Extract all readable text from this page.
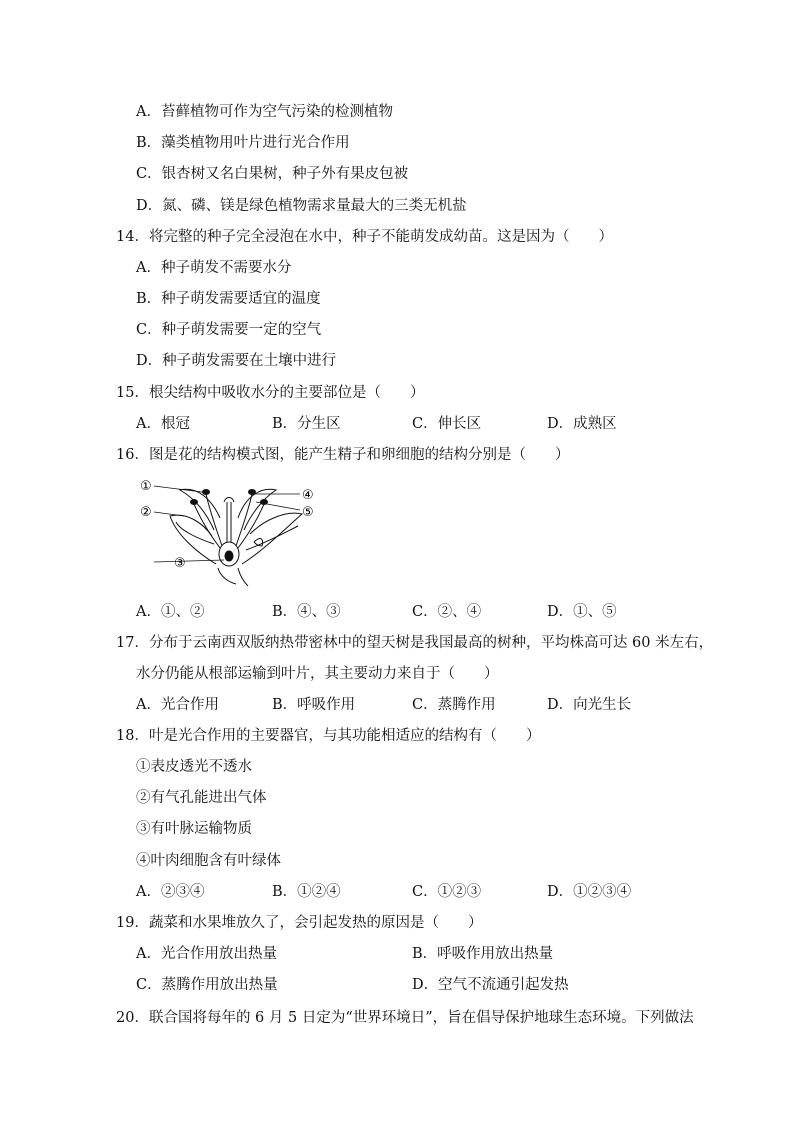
A．苔藓植物可作为空气污染的检测植物
B．藻类植物用叶片进行光合作用
C．银杏树又名白果树，种子外有果皮包被
D．氮、磷、镁是绿色植物需求量最大的三类无机盐
14．将完整的种子完全浸泡在水中，种子不能萌发成幼苗。这是因为（　　）
A．种子萌发不需要水分
B．种子萌发需要适宜的温度
C．种子萌发需要一定的空气
D．种子萌发需要在土壤中进行
15．根尖结构中吸收水分的主要部位是（　　）
A．根冠	B．分生区	C．伸长区	D．成熟区
16．图是花的结构模式图，能产生精子和卵细胞的结构分别是（　　）
①
②
③
④
⑤
A．①、②	B．④、③	C．②、④	D．①、⑤
17．分布于云南西双版纳热带密林中的望天树是我国最高的树种，平均株高可达 60 米左右，
水分仍能从根部运输到叶片，其主要动力来自于（　　）
A．光合作用	B．呼吸作用	C．蒸腾作用	D．向光生长
18．叶是光合作用的主要器官，与其功能相适应的结构有（　　）
①表皮透光不透水
②有气孔能进出气体
③有叶脉运输物质
④叶肉细胞含有叶绿体
A．②③④	B．①②④	C．①②③	D．①②③④
19．蔬菜和水果堆放久了，会引起发热的原因是（　　）
A．光合作用放出热量	B．呼吸作用放出热量
C．蒸腾作用放出热量	D．空气不流通引起发热
20．联合国将每年的 6 月 5 日定为“世界环境日”，旨在倡导保护地球生态环境。下列做法
